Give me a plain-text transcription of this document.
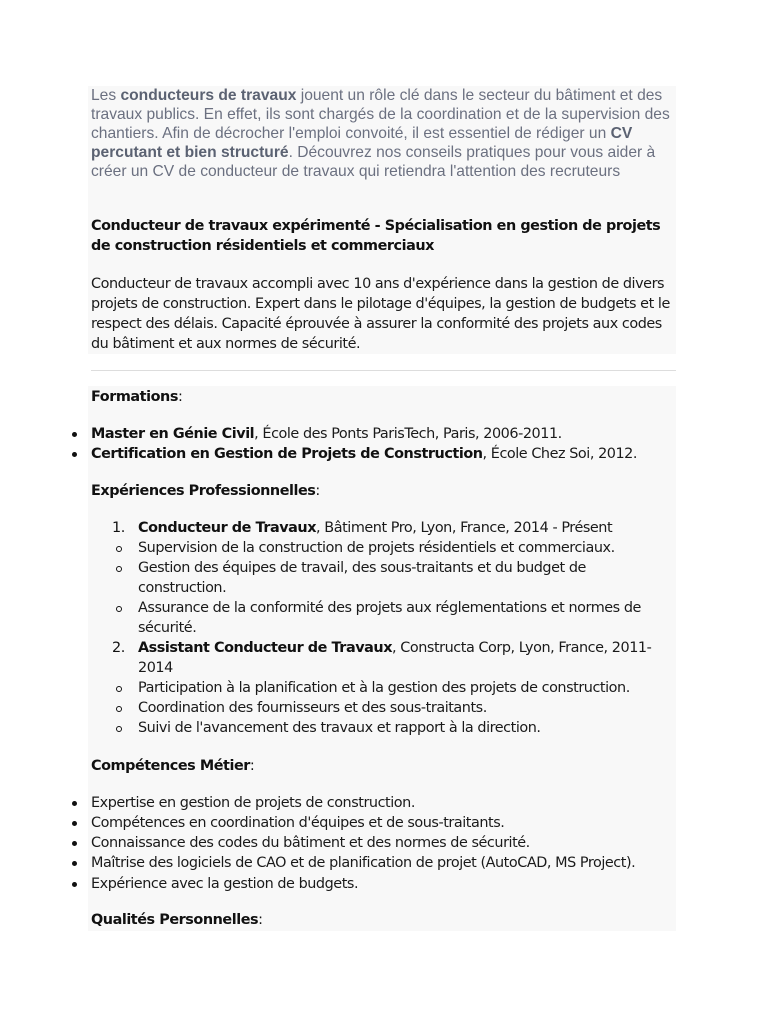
Les conducteurs de travaux jouent un rôle clé dans le secteur du bâtiment et des travaux publics. En effet, ils sont chargés de la coordination et de la supervision des chantiers. Afin de décrocher l'emploi convoité, il est essentiel de rédiger un CV percutant et bien structuré. Découvrez nos conseils pratiques pour vous aider à créer un CV de conducteur de travaux qui retiendra l'attention des recruteurs

Conducteur de travaux expérimenté - Spécialisation en gestion de projets de construction résidentiels et commerciaux

Conducteur de travaux accompli avec 10 ans d'expérience dans la gestion de divers projets de construction. Expert dans le pilotage d'équipes, la gestion de budgets et le respect des délais. Capacité éprouvée à assurer la conformité des projets aux codes du bâtiment et aux normes de sécurité.

Formations:

Master en Génie Civil, École des Ponts ParisTech, Paris, 2006-2011.
Certification en Gestion de Projets de Construction, École Chez Soi, 2012.

Expériences Professionnelles:

1. Conducteur de Travaux, Bâtiment Pro, Lyon, France, 2014 - Présent
Supervision de la construction de projets résidentiels et commerciaux.
Gestion des équipes de travail, des sous-traitants et du budget de construction.
Assurance de la conformité des projets aux réglementations et normes de sécurité.
2. Assistant Conducteur de Travaux, Constructa Corp, Lyon, France, 2011-2014
Participation à la planification et à la gestion des projets de construction.
Coordination des fournisseurs et des sous-traitants.
Suivi de l'avancement des travaux et rapport à la direction.

Compétences Métier:

Expertise en gestion de projets de construction.
Compétences en coordination d'équipes et de sous-traitants.
Connaissance des codes du bâtiment et des normes de sécurité.
Maîtrise des logiciels de CAO et de planification de projet (AutoCAD, MS Project).
Expérience avec la gestion de budgets.

Qualités Personnelles:
